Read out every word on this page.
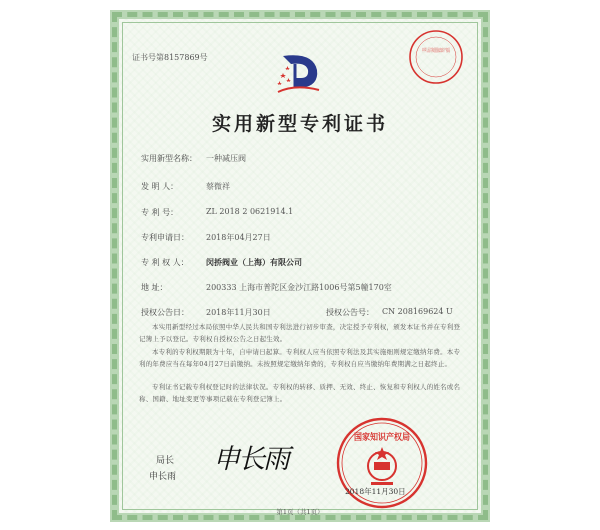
证书号第8157869号
中华人民共和国国家知识产权局
实用新型专利证书
实用新型名称： 一种减压阀
发 明 人：	蔡微祥
专 利 号：	ZL 2018 2 0621914.1
专利申请日： 2018年04月27日
专 利 权 人： 闵挢阀业（上海）有限公司
地 址：	200333 上海市普陀区金沙江路1006号第5幢170室
授权公告日： 2018年11月30日	授权公告号： CN 208169624 U
本实用新型经过本局依照中华人民共和国专利法进行初步审查，决定授予专利权，颁发本证书并在专利登记簿上予以登记。专利权自授权公告之日起生效。
本专利的专利权期限为十年，自申请日起算。专利权人应当依照专利法及其实施细则规定缴纳年费。本专利的年费应当在每年04月27日前缴纳。未按照规定缴纳年费的，专利权自应当缴纳年费期满之日起终止。
专利证书记载专利权登记时的法律状况。专利权的转移、质押、无效、终止、恢复和专利权人的姓名或名称、国籍、地址变更等事项记载在专利登记簿上。
局长
申长雨
申长雨
国家知识产权局
2018年11月30日
第1页（共1页）
